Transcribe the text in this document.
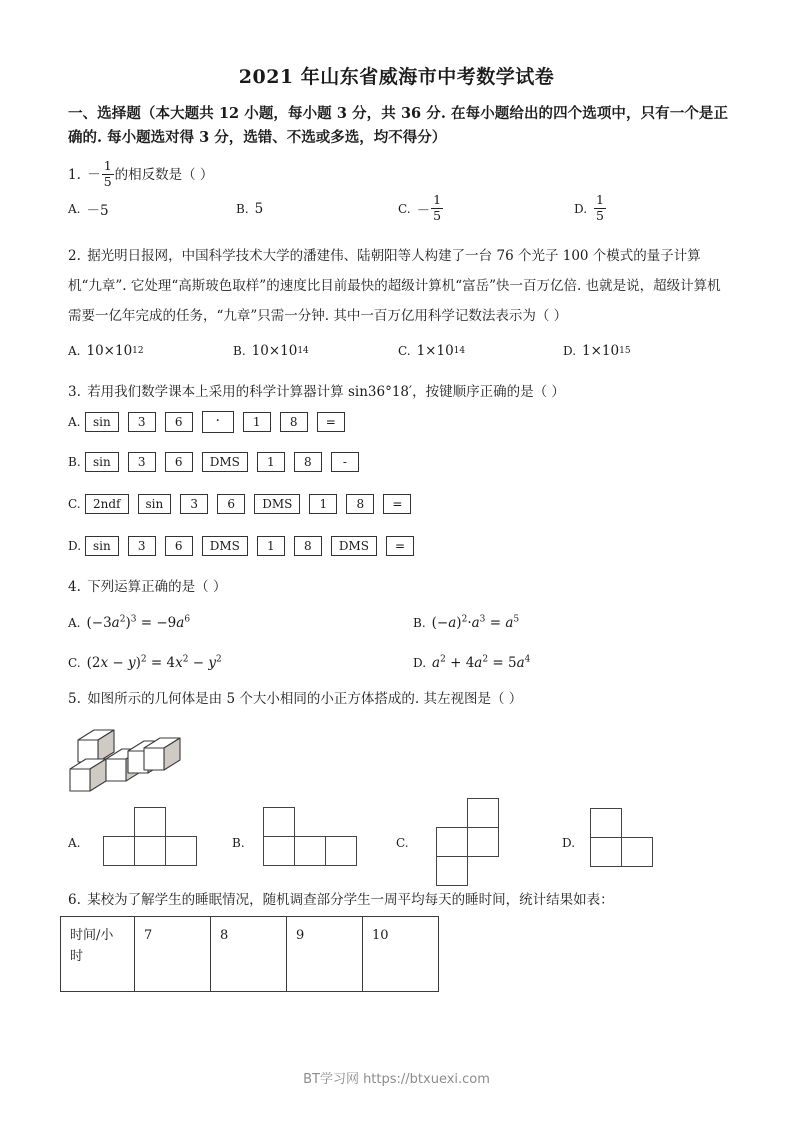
2021 年山东省威海市中考数学试卷
一、选择题（本大题共 12 小题，每小题 3 分，共 36 分. 在每小题给出的四个选项中，只有一个是正确的. 每小题选对得 3 分，选错、不选或多选，均不得分）
1. － $\frac{1}{5}$ 的相反数是（ ）
A. －5	B. 5	C. － $\frac{1}{5}$	D. $\frac{1}{5}$
2. 据光明日报网，中国科学技术大学的潘建伟、陆朝阳等人构建了一台 76 个光子 100 个模式的量子计算机“九章”. 它处理“高斯玻色取样”的速度比目前最快的超级计算机“富岳”快一百万亿倍. 也就是说，超级计算机需要一亿年完成的任务，“九章”只需一分钟. 其中一百万亿用科学记数法表示为（ ）
A. 10×10 12	B. 10×10 14	C. 1×10 14	D. 1×10 15
3. 若用我们数学课本上采用的科学计算器计算 sin36°18′，按键顺序正确的是（ ）
A.	sin	3	6	·	1	8	=
B.	sin	3	6	DMS	1	8	-
C.	2ndf	sin	3	6	DMS	1	8	=
D. sin	3	6	DMS	1	8	DMS	=
4. 下列运算正确的是（ ）
A. $(-3a^2)^3 = -9a^6$	B. $(-a)^2\cdot a^3 = a^5$
C. $(2x - y)^2 = 4x^2 - y^2$	D. $a^2 + 4a^2 = 5a^4$
5. 如图所示的几何体是由 5 个大小相同的小正方体搭成的. 其左视图是（ ）
A.	B.	C.	D.
6. 某校为了解学生的睡眠情况，随机调查部分学生一周平均每天的睡时间，统计结果如表：
时间/小
时
	7	8	9	10
BT学习网 https://btxuexi.com
